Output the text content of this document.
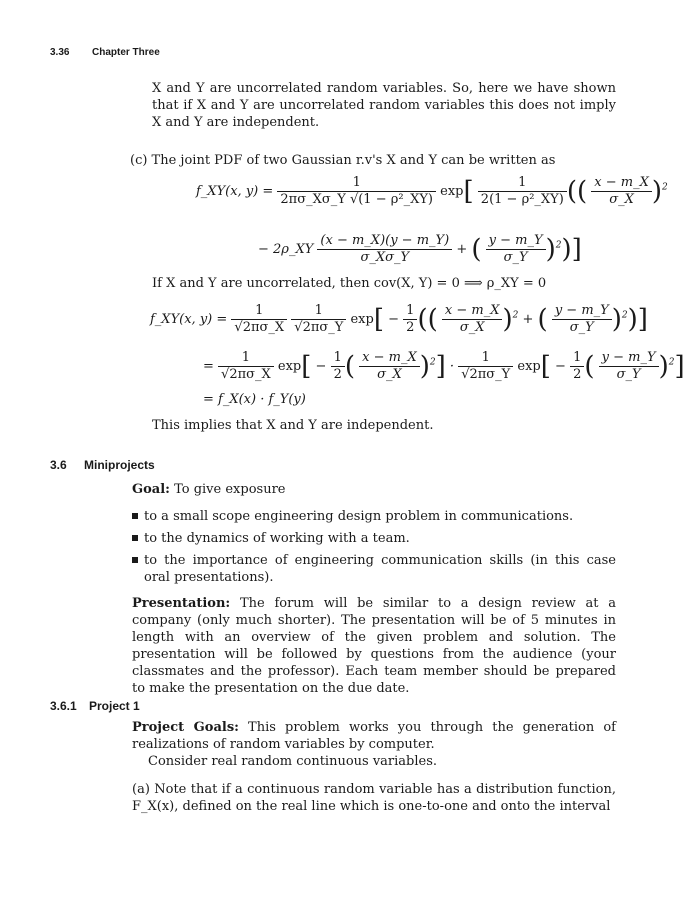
3.36 Chapter Three
X and Y are uncorrelated random variables. So, here we have shown that if X and Y are uncorrelated random variables this does not imply X and Y are independent.
(c) The joint PDF of two Gaussian r.v's X and Y can be written as
f_XY(x, $y) = \frac{1}{\text{2πσ\_Xσ\_Y √(1 − ρ²\_XY)}} \exp[ \frac{1}{\text{2(1 − ρ²\_XY)}}$ (( $\frac{x - m\_X}{\sigma\_X} )^2$
− 2ρ_XY $\frac{(x - m\_X)(y - m\_Y)}{\sigma\_X\sigma\_Y}$ + ( $\frac{y - m\_Y}{\sigma\_Y} )^2$)]
If X and Y are uncorrelated, then cov(X, Y) = 0 ⟹ ρ_XY = 0
f_XY(x, $y) = \frac{1}{√2\pi\sigma\_X}$
$\frac{1}{√2\pi\sigma\_Y} \exp[ - \frac{1}{2}$ (( $\frac{x - m\_X}{\sigma\_X} )^2$ + ( $\frac{y - m\_Y}{\sigma\_Y} )^2$)]
= $\frac{1}{√2\pi\sigma\_X} \exp[ - \frac{1}{2}$ ( $\frac{x - m\_X}{\sigma\_X} )^2] \cdot \frac{1}{√2\pi\sigma\_Y} \exp[ - \frac{1}{2}$ ( $\frac{y - m\_Y}{\sigma\_Y} )^2$]
= f_X(x) · f_Y(y)
This implies that X and Y are independent.
3.6 Miniprojects
Goal: To give exposure
to a small scope engineering design problem in communications.
to the dynamics of working with a team.
to the importance of engineering communication skills (in this case oral presentations).
Presentation: The forum will be similar to a design review at a company (only much shorter). The presentation will be of 5 minutes in length with an overview of the given problem and solution. The presentation will be followed by questions from the audience (your classmates and the professor). Each team member should be prepared to make the presentation on the due date.
3.6.1 Project 1
Project Goals: This problem works you through the generation of realizations of random variables by computer.
Consider real random continuous variables.
(a) Note that if a continuous random variable has a distribution function, F_X(x), defined on the real line which is one-to-one and onto the interval
